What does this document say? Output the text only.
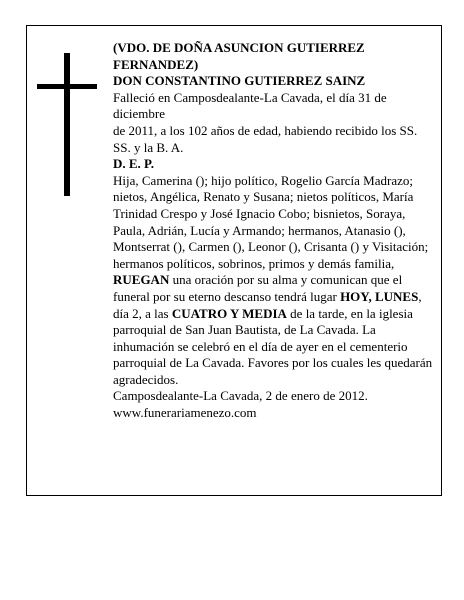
(VDO. DE DOÑA ASUNCION GUTIERREZ FERNANDEZ)

DON CONSTANTINO GUTIERREZ SAINZ

Falleció en Camposdealante-La Cavada, el día 31 de diciembre

de 2011, a los 102 años de edad, habiendo recibido los SS. SS. y la B. A.

D. E. P.

Hija, Camerina (); hijo político, Rogelio García Madrazo; nietos, Angélica, Renato y Susana; nietos políticos, María Trinidad Crespo y José Ignacio Cobo; bisnietos, Soraya, Paula, Adrián, Lucía y Armando; hermanos, Atanasio (), Montserrat (), Carmen (), Leonor (), Crisanta () y Visitación; hermanos políticos, sobrinos, primos y demás familia,

RUEGAN una oración por su alma y comunican que el funeral por su eterno descanso tendrá lugar HOY, LUNES, día 2, a las CUATRO Y MEDIA de la tarde, en la iglesia parroquial de San Juan Bautista, de La Cavada. La inhumación se celebró en el día de ayer en el cementerio parroquial de La Cavada. Favores por los cuales les quedarán agradecidos.

Camposdealante-La Cavada, 2 de enero de 2012.

www.funerariamenezo.com
